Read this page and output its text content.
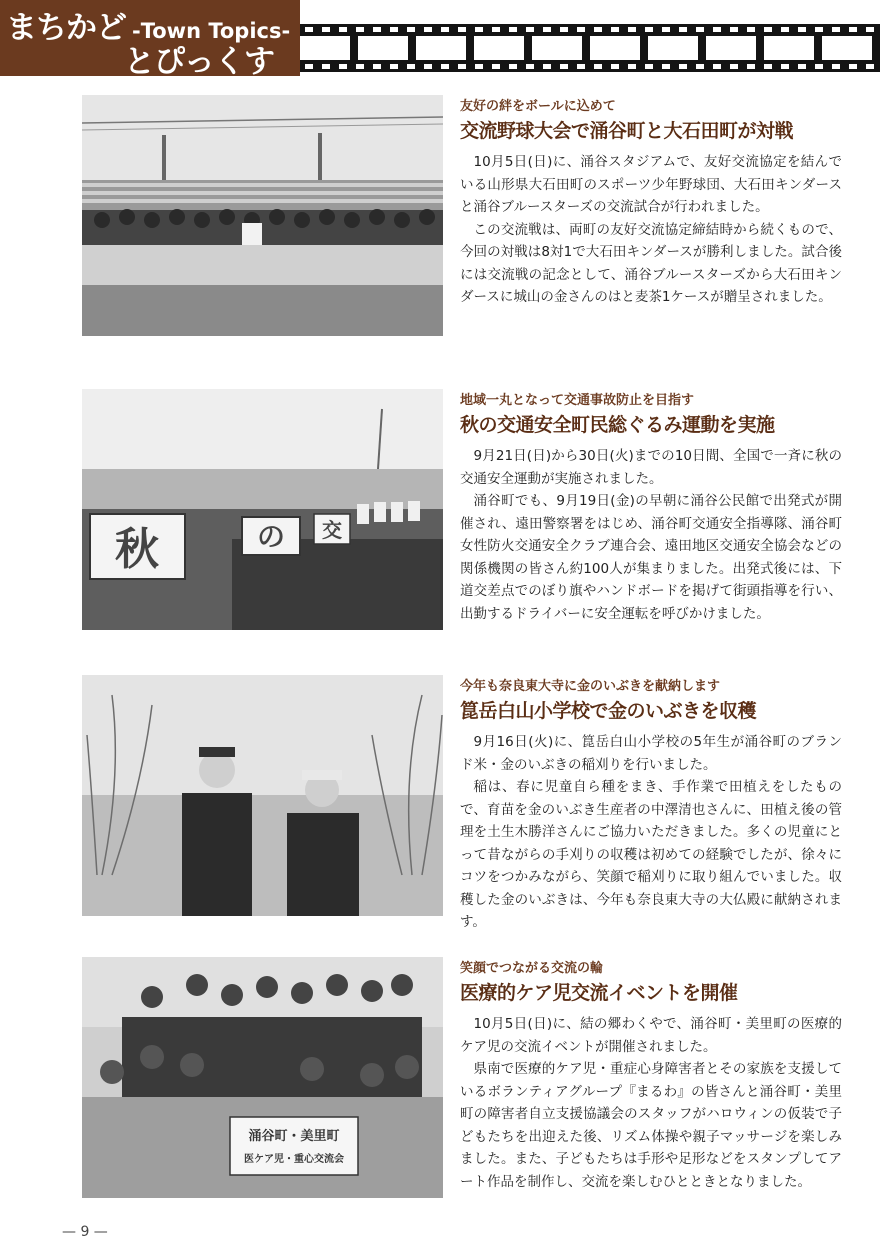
まちかど -Town Topics-
とぴっくす
友好の絆をボールに込めて
交流野球大会で涌谷町と大石田町が対戦

10月5日(日)に、涌谷スタジアムで、友好交流協定を結んでいる山形県大石田町のスポーツ少年野球団、大石田キンダースと涌谷ブルースターズの交流試合が行われました。

この交流戦は、両町の友好交流協定締結時から続くもので、今回の対戦は8対1で大石田キンダースが勝利しました。試合後には交流戦の記念として、涌谷ブルースターズから大石田キンダースに城山の金さんのはと麦茶1ケースが贈呈されました。

秋	の 交
地域一丸となって交通事故防止を目指す
秋の交通安全町民総ぐるみ運動を実施

9月21日(日)から30日(火)までの10日間、全国で一斉に秋の交通安全運動が実施されました。

涌谷町でも、9月19日(金)の早朝に涌谷公民館で出発式が開催され、遠田警察署をはじめ、涌谷町交通安全指導隊、涌谷町女性防火交通安全クラブ連合会、遠田地区交通安全協会などの関係機関の皆さん約100人が集まりました。出発式後には、下道交差点でのぼり旗やハンドボードを掲げて街頭指導を行い、出勤するドライバーに安全運転を呼びかけました。

今年も奈良東大寺に金のいぶきを献納します
箟岳白山小学校で金のいぶきを収穫

9月16日(火)に、箟岳白山小学校の5年生が涌谷町のブランド米・金のいぶきの稲刈りを行いました。

稲は、春に児童自ら種をまき、手作業で田植えをしたもので、育苗を金のいぶき生産者の中澤清也さんに、田植え後の管理を土生木勝洋さんにご協力いただきました。多くの児童にとって昔ながらの手刈りの収穫は初めての経験でしたが、徐々にコツをつかみながら、笑顔で稲刈りに取り組んでいました。収穫した金のいぶきは、今年も奈良東大寺の大仏殿に献納されます。

涌谷町・美里町
医ケア児・重心交流会
笑顔でつながる交流の輪
医療的ケア児交流イベントを開催

10月5日(日)に、結の郷わくやで、涌谷町・美里町の医療的ケア児の交流イベントが開催されました。

県南で医療的ケア児・重症心身障害者とその家族を支援しているボランティアグループ『まるわ』の皆さんと涌谷町・美里町の障害者自立支援協議会のスタッフがハロウィンの仮装で子どもたちを出迎えた後、リズム体操や親子マッサージを楽しみました。また、子どもたちは手形や足形などをスタンプしてアート作品を制作し、交流を楽しむひとときとなりました。

— 9 —
